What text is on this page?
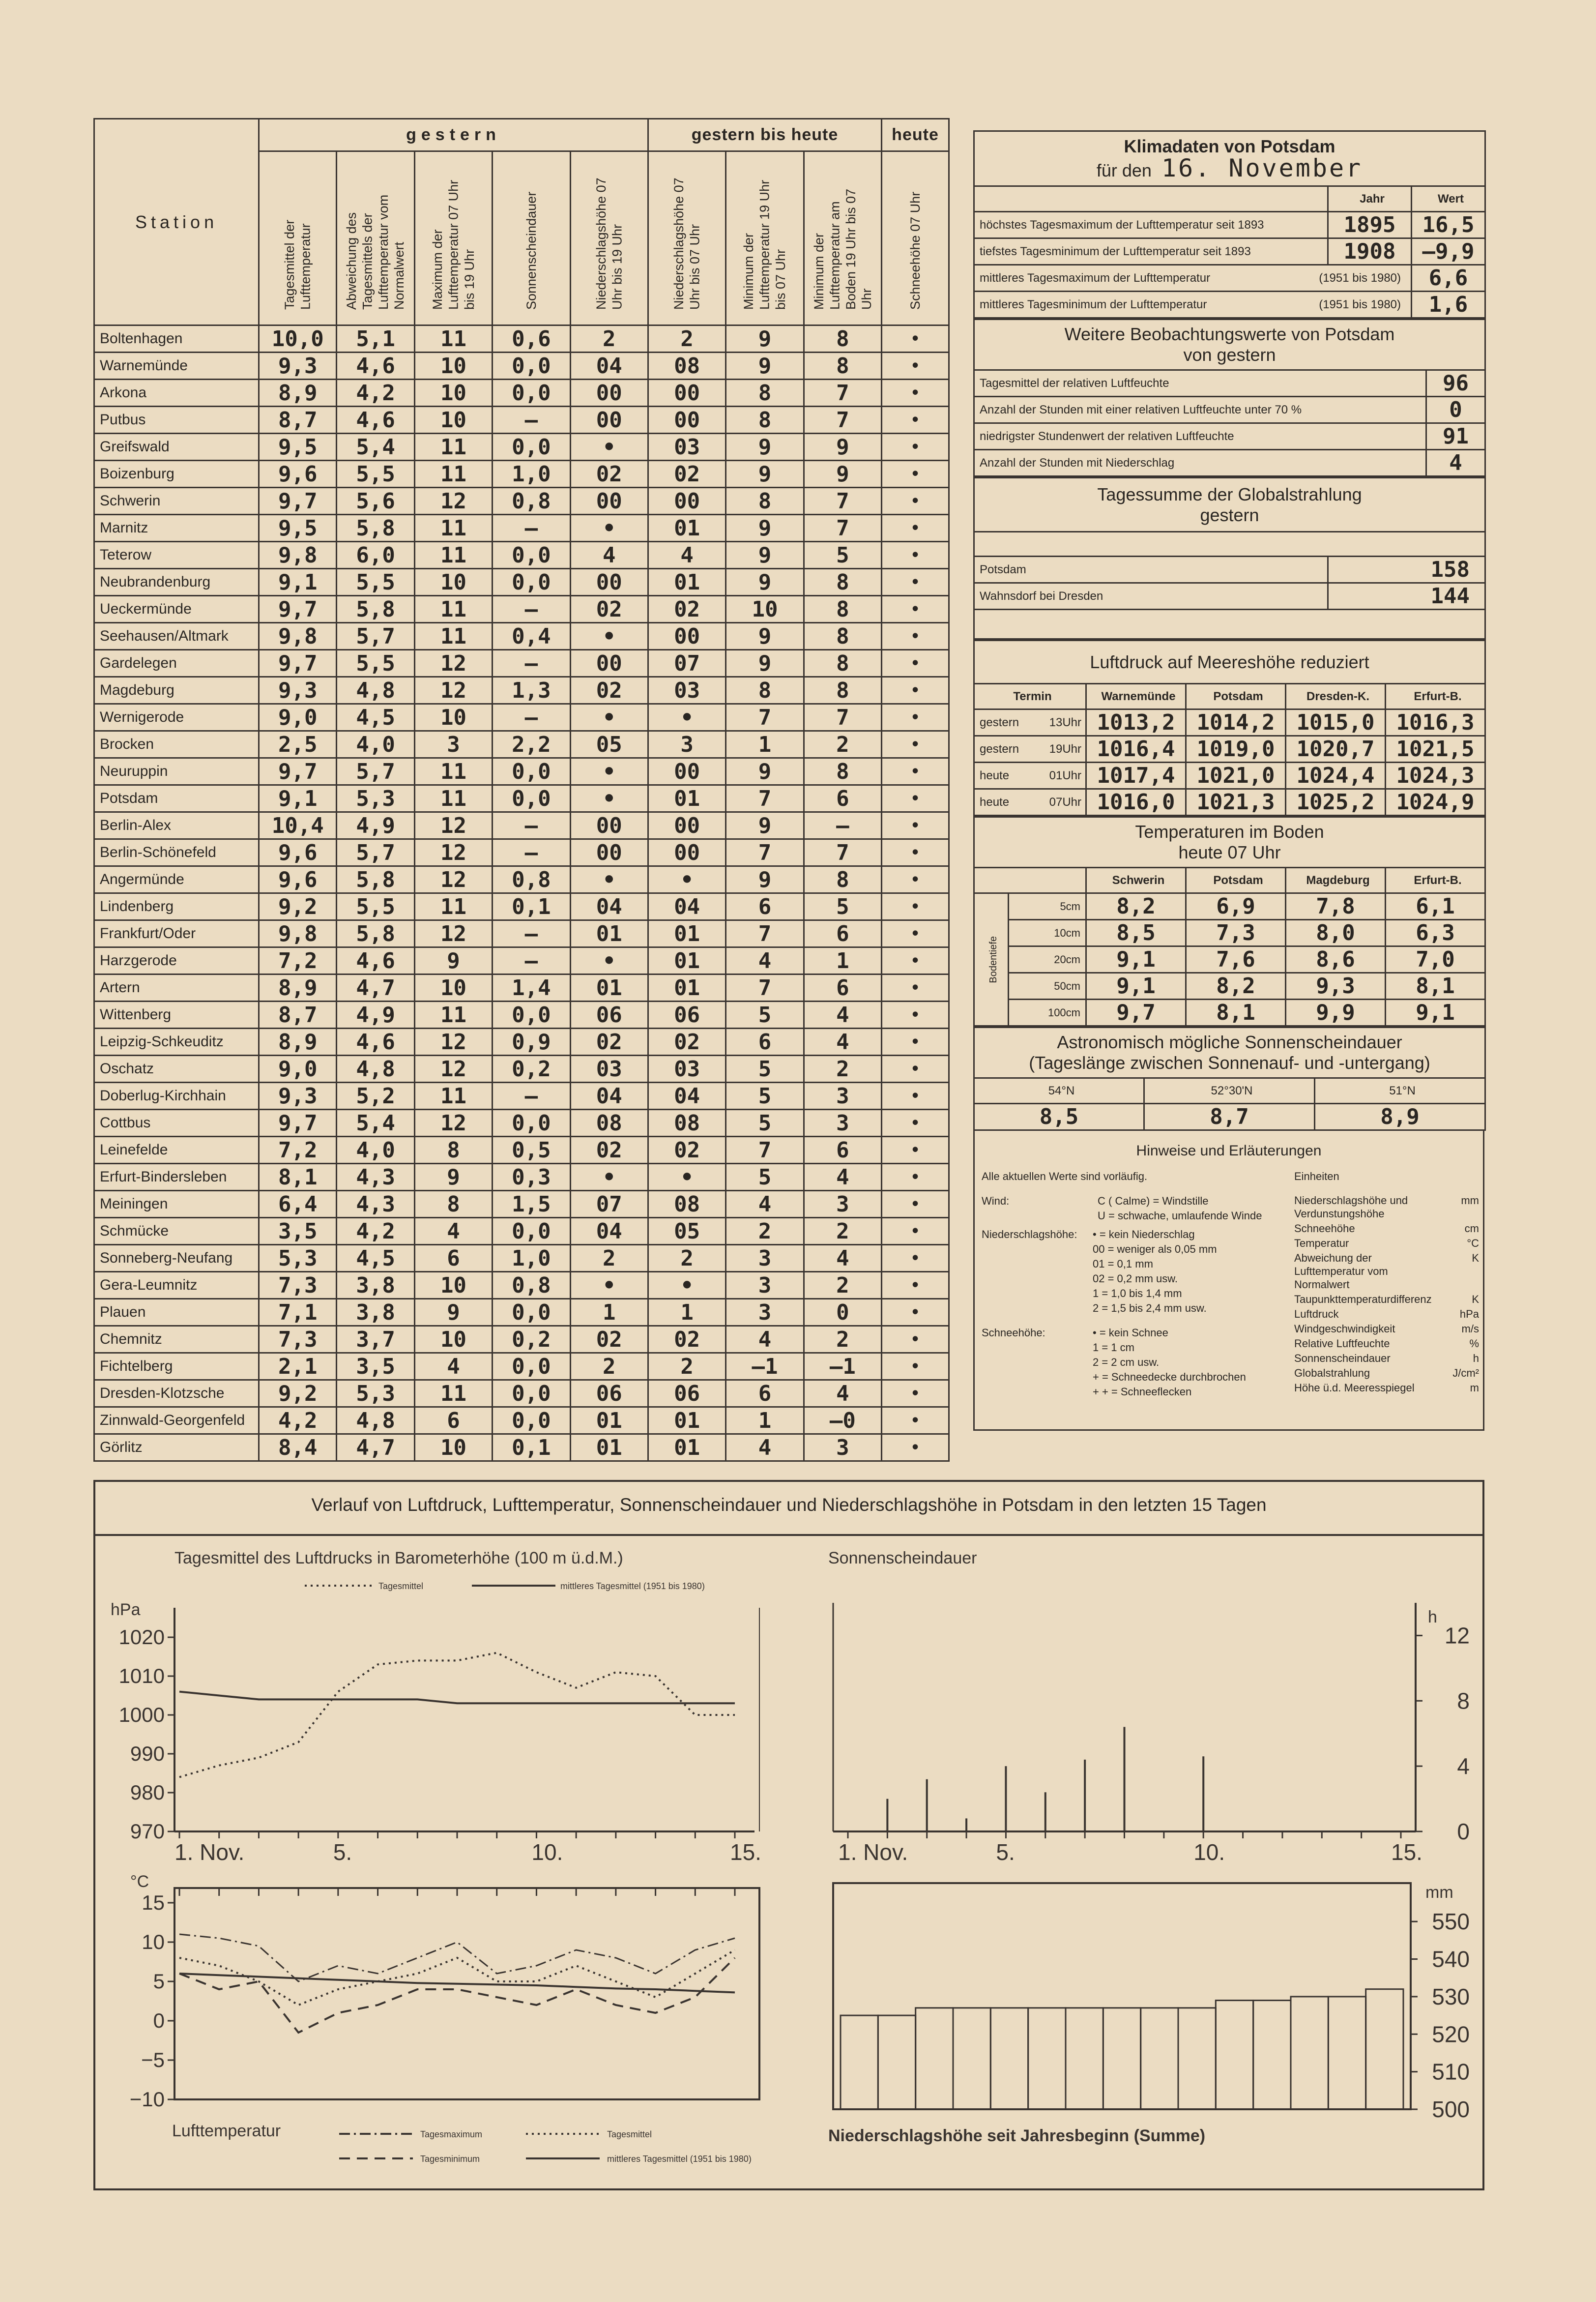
Station	gestern					gestern bis heute			heute

	Tagesmittel der Lufttemperatur	Abweichung des Tagesmittels der Lufttemperatur vom Normalwert	Maximum der Lufttemperatur 07 Uhr bis 19 Uhr	Sonnenscheindauer	Niederschlagshöhe 07 Uhr bis 19 Uhr	Niederschlagshöhe 07 Uhr bis 07 Uhr	Minimum der Lufttemperatur 19 Uhr bis 07 Uhr	Minimum der Lufttemperatur am Boden 19 Uhr bis 07 Uhr	Schneehöhe 07 Uhr

Boltenhagen	10,0	5,1	11	0,6	2	2	9	8	•
Warnemünde	9,3	4,6	10	0,0	04	08	9	8	•
Arkona	8,9	4,2	10	0,0	00	00	8	7	•
Putbus	8,7	4,6	10	–	00	00	8	7	•
Greifswald	9,5	5,4	11	0,0	•	03	9	9	•
Boizenburg	9,6	5,5	11	1,0	02	02	9	9	•
Schwerin	9,7	5,6	12	0,8	00	00	8	7	•
Marnitz	9,5	5,8	11	–	•	01	9	7	•
Teterow	9,8	6,0	11	0,0	4	4	9	5	•
Neubrandenburg	9,1	5,5	10	0,0	00	01	9	8	•
Ueckermünde	9,7	5,8	11	–	02	02	10	8	•
Seehausen/Altmark	9,8	5,7	11	0,4	•	00	9	8	•
Gardelegen	9,7	5,5	12	–	00	07	9	8	•
Magdeburg	9,3	4,8	12	1,3	02	03	8	8	•
Wernigerode	9,0	4,5	10	–	•	•	7	7	•
Brocken	2,5	4,0	3	2,2	05	3	1	2	•
Neuruppin	9,7	5,7	11	0,0	•	00	9	8	•
Potsdam	9,1	5,3	11	0,0	•	01	7	6	•
Berlin-Alex	10,4	4,9	12	–	00	00	9	–	•
Berlin-Schönefeld	9,6	5,7	12	–	00	00	7	7	•
Angermünde	9,6	5,8	12	0,8	•	•	9	8	•
Lindenberg	9,2	5,5	11	0,1	04	04	6	5	•
Frankfurt/Oder	9,8	5,8	12	–	01	01	7	6	•
Harzgerode	7,2	4,6	9	–	•	01	4	1	•
Artern	8,9	4,7	10	1,4	01	01	7	6	•
Wittenberg	8,7	4,9	11	0,0	06	06	5	4	•
Leipzig-Schkeuditz	8,9	4,6	12	0,9	02	02	6	4	•
Oschatz	9,0	4,8	12	0,2	03	03	5	2	•
Doberlug-Kirchhain	9,3	5,2	11	–	04	04	5	3	•
Cottbus	9,7	5,4	12	0,0	08	08	5	3	•
Leinefelde	7,2	4,0	8	0,5	02	02	7	6	•
Erfurt-Bindersleben	8,1	4,3	9	0,3	•	•	5	4	•
Meiningen	6,4	4,3	8	1,5	07	08	4	3	•
Schmücke	3,5	4,2	4	0,0	04	05	2	2	•
Sonneberg-Neufang	5,3	4,5	6	1,0	2	2	3	4	•
Gera-Leumnitz	7,3	3,8	10	0,8	•	•	3	2	•
Plauen	7,1	3,8	9	0,0	1	1	3	0	•
Chemnitz	7,3	3,7	10	0,2	02	02	4	2	•
Fichtelberg	2,1	3,5	4	0,0	2	2	–1	–1	•
Dresden-Klotzsche	9,2	5,3	11	0,0	06	06	6	4	•
Zinnwald-Georgenfeld	4,2	4,8	6	0,0	01	01	1	–0	•
Görlitz	8,4	4,7	10	0,1	01	01	4	3	•
Klimadaten von Potsdam
für den 16. November		

	Jahr	Wert
höchstes Tagesmaximum der Lufttemperatur seit 1893	1895	16,5
tiefstes Tagesminimum der Lufttemperatur seit 1893	1908	–9,9
mittleres Tagesmaximum der Lufttemperatur (1951 bis 1980)		6,6
mittleres Tagesminimum der Lufttemperatur (1951 bis 1980)		1,6
Weitere Beobachtungswerte von Potsdam
von gestern	

Tagesmittel der relativen Luftfeuchte	96
Anzahl der Stunden mit einer relativen Luftfeuchte unter 70 %	0
niedrigster Stundenwert der relativen Luftfeuchte	91
Anzahl der Stunden mit Niederschlag	4
Tagessumme der Globalstrahlung
gestern	

Potsdam	158
Wahnsdorf bei Dresden	144

Luftdruck auf Meereshöhe reduziert				
Termin	Warnemünde	Potsdam	Dresden-K.	Erfurt-B.
gestern 13Uhr	1013,2	1014,2	1015,0	1016,3
gestern 19Uhr	1016,4	1019,0	1020,7	1021,5
heute 01Uhr	1017,4	1021,0	1024,4	1024,3
heute 07Uhr	1016,0	1021,3	1025,2	1024,9
Temperaturen im Boden
heute 07 Uhr					

		Schwerin	Potsdam	Magdeburg	Erfurt-B.

Bodentiefe	5cm	8,2	6,9	7,8	6,1
	10cm	8,5	7,3	8,0	6,3
	20cm	9,1	7,6	8,6	7,0
	50cm	9,1	8,2	9,3	8,1
	100cm	9,7	8,1	9,9	9,1
Astronomisch mögliche Sonnenscheindauer
(Tageslänge zwischen Sonnenauf- und -untergang)		

54°N	52°30'N	51°N
8,5	8,7	8,9
Hinweise und Erläuterungen
Alle aktuellen Werte sind vorläufig.	Einheiten
Wind:	C ( Calme) = Windstille
U = schwache, umlaufende Winde
Niederschlagshöhe: • = kein Niederschlag
00 = weniger als 0,05 mm
01 = 0,1 mm
02 = 0,2 mm usw.
1 = 1,0 bis 1,4 mm
2 = 1,5 bis 2,4 mm usw.
Schneehöhe:	• = kein Schnee
1 = 1 cm
2 = 2 cm usw.
+ = Schneedecke durchbrochen
+ + = Schneeflecken
Niederschlagshöhe und Verdunstungshöhe
mm
Schneehöhe	cm
Temperatur	°C
Abweichung der Lufttemperatur vom Normalwert
K
Taupunkttemperaturdifferenz	K
Luftdruck	hPa
Windgeschwindigkeit	m/s
Relative Luftfeuchte	%
Sonnenscheindauer	h
Globalstrahlung	J/cm²
Höhe ü.d. Meeresspiegel	m
Verlauf von Luftdruck, Lufttemperatur, Sonnenscheindauer und Niederschlagshöhe in Potsdam in den letzten 15 Tagen
Tagesmittel des Luftdrucks in Barometerhöhe (100 m ü.d.M.)
hPa
Tagesmittel	mittleres Tagesmittel (1951 bis 1980)
1020
1010
1000
990
980
970
1. Nov.	5.	10.	15.
Sonnenscheindauer
h
12
8
4
0
1. Nov.	5.	10.	15.
°C
15
10
5
0
−5
−10
Lufttemperatur	Tagesmaximum	Tagesmittel
Tagesminimum	mittleres Tagesmittel (1951 bis 1980)
mm
550
540
530
520
510
500
Niederschlagshöhe seit Jahresbeginn (Summe)
